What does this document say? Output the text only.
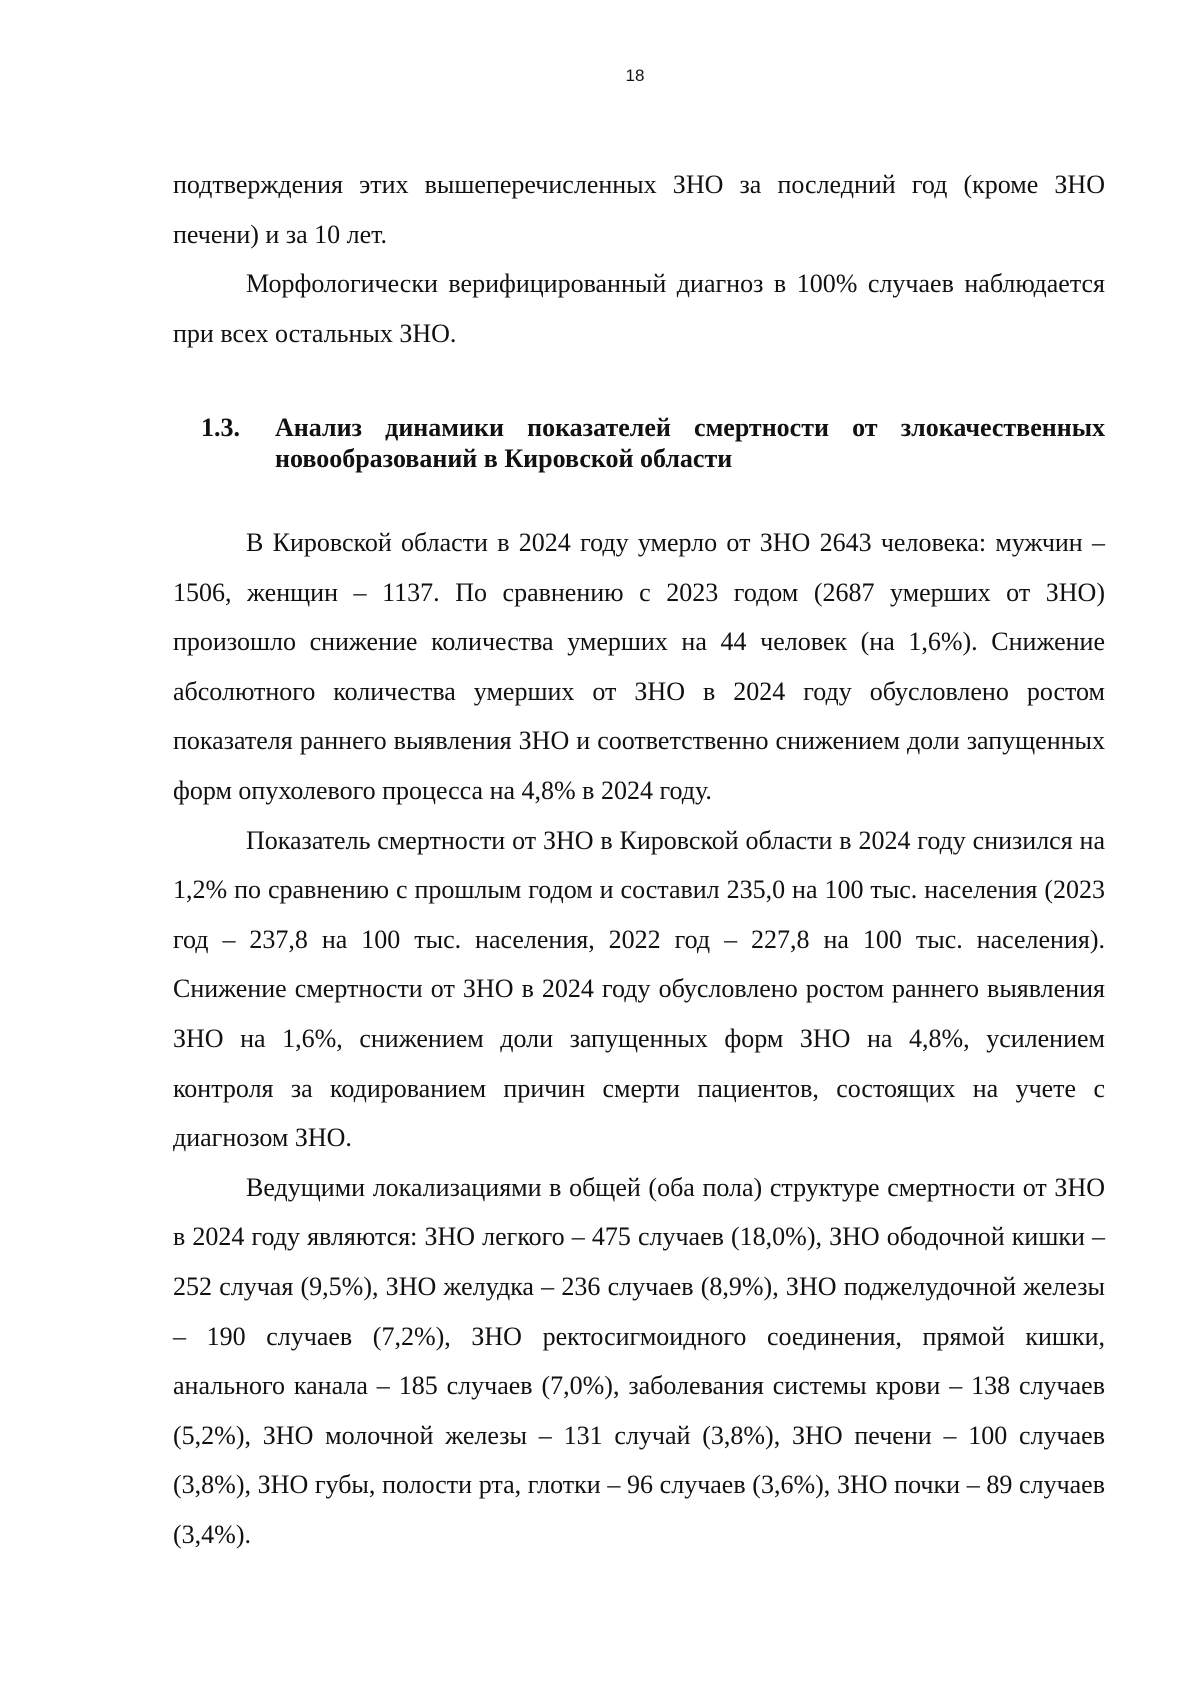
18

подтверждения этих вышеперечисленных ЗНО за последний год (кроме ЗНО печени) и за 10 лет.

Морфологически верифицированный диагноз в 100% случаев наблюдается при всех остальных ЗНО.

1.3. Анализ динамики показателей смертности от злокачественных новообразований в Кировской области

В Кировской области в 2024 году умерло от ЗНО 2643 человека: мужчин – 1506, женщин – 1137. По сравнению с 2023 годом (2687 умерших от ЗНО) произошло снижение количества умерших на 44 человек (на 1,6%). Снижение абсолютного количества умерших от ЗНО в 2024 году обусловлено ростом показателя раннего выявления ЗНО и соответственно снижением доли запущенных форм опухолевого процесса на 4,8% в 2024 году.

Показатель смертности от ЗНО в Кировской области в 2024 году снизился на 1,2% по сравнению с прошлым годом и составил 235,0 на 100 тыс. населения (2023 год – 237,8 на 100 тыс. населения, 2022 год – 227,8 на 100 тыс. населения). Снижение смертности от ЗНО в 2024 году обусловлено ростом раннего выявления ЗНО на 1,6%, снижением доли запущенных форм ЗНО на 4,8%, усилением контроля за кодированием причин смерти пациентов, состоящих на учете с диагнозом ЗНО.

Ведущими локализациями в общей (оба пола) структуре смертности от ЗНО в 2024 году являются: ЗНО легкого – 475 случаев (18,0%), ЗНО ободочной кишки – 252 случая (9,5%), ЗНО желудка – 236 случаев (8,9%), ЗНО поджелудочной железы – 190 случаев (7,2%), ЗНО ректосигмоидного соединения, прямой кишки, анального канала – 185 случаев (7,0%), заболевания системы крови – 138 случаев (5,2%), ЗНО молочной железы – 131 случай (3,8%), ЗНО печени – 100 случаев (3,8%), ЗНО губы, полости рта, глотки – 96 случаев (3,6%), ЗНО почки – 89 случаев (3,4%).
